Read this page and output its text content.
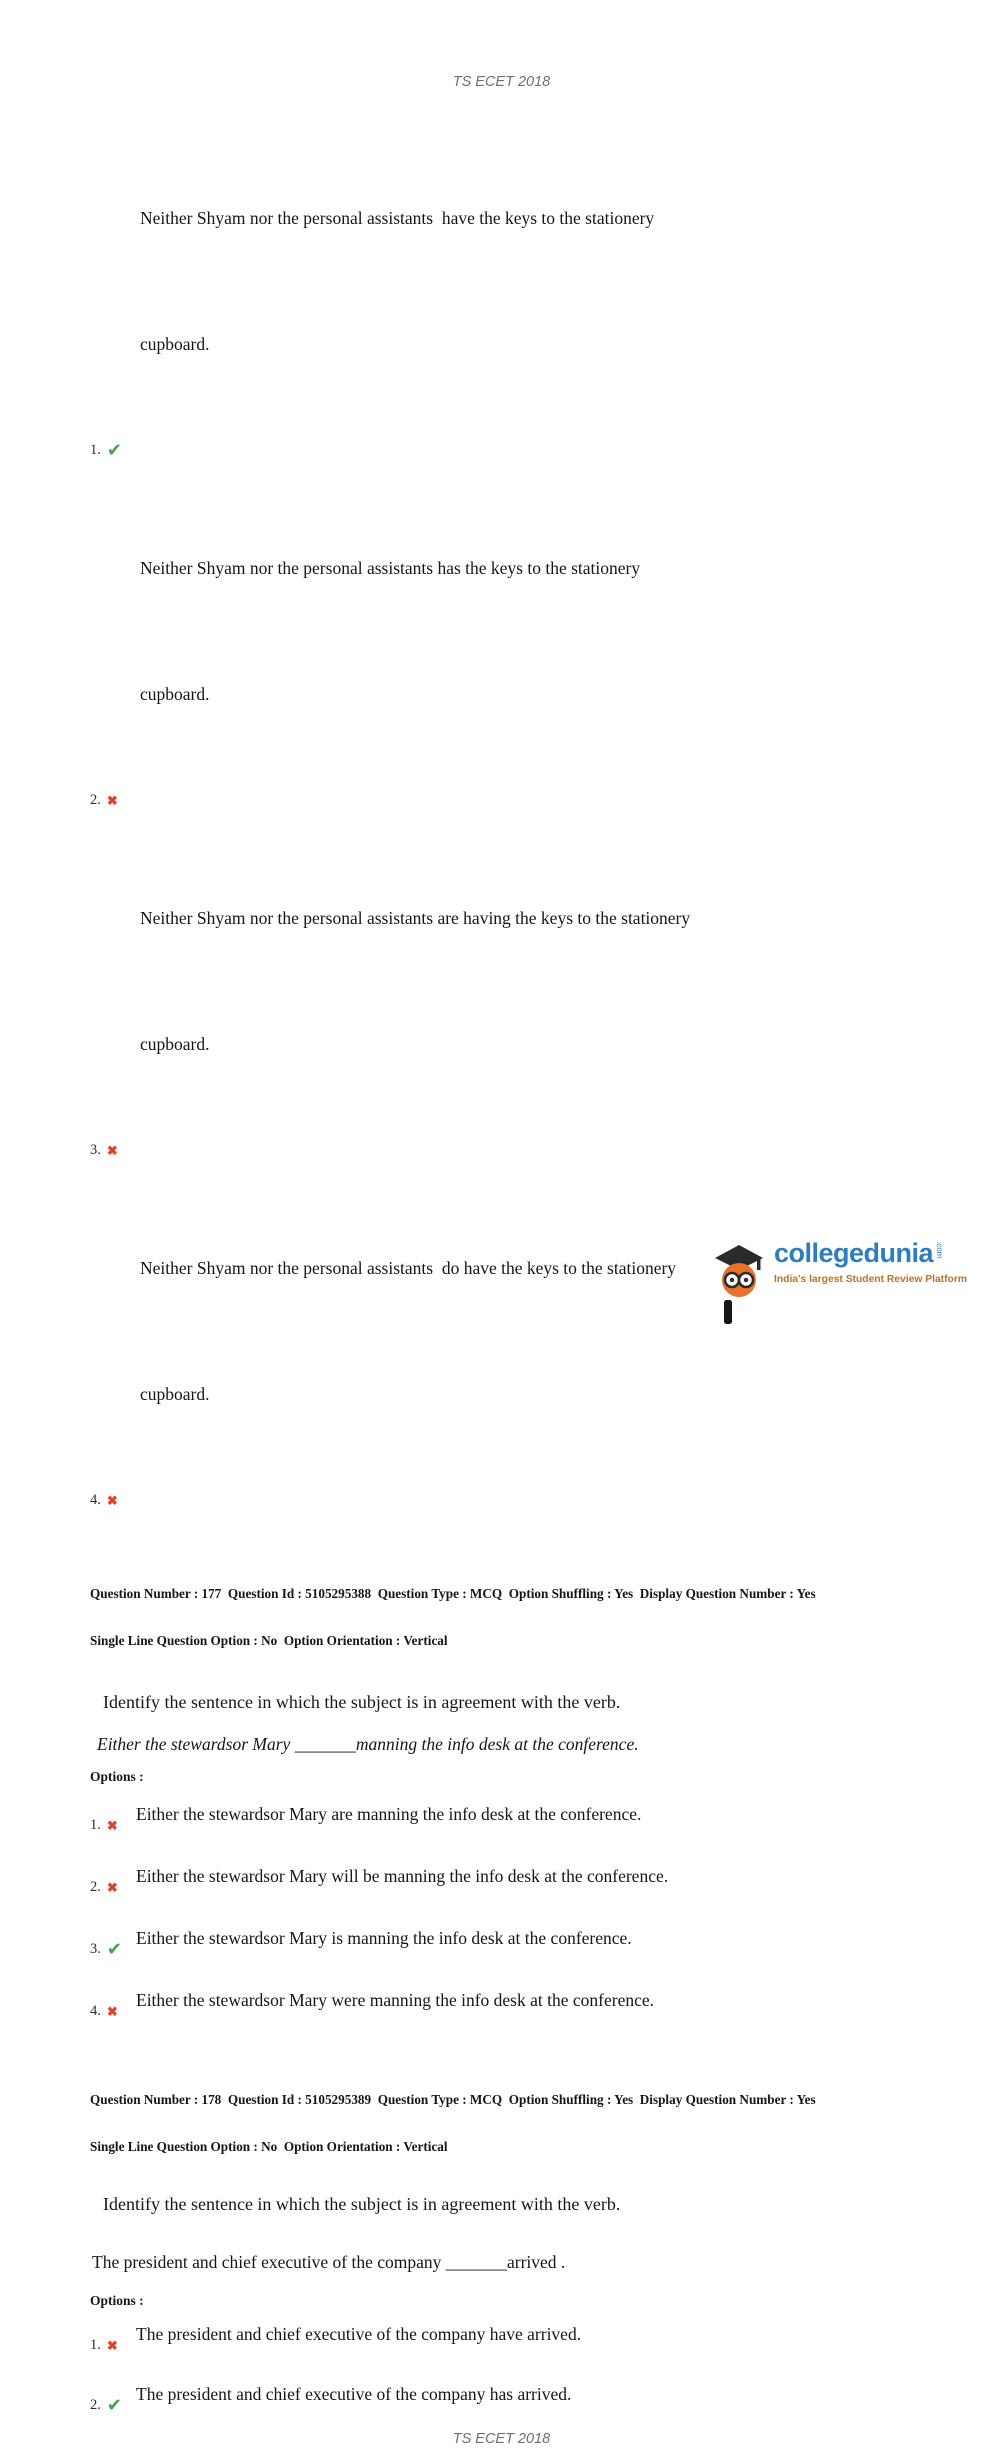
TS ECET 2018
1. ✔

Neither Shyam nor the personal assistants  have the keys to the stationery

cupboard.

2. ✖

Neither Shyam nor the personal assistants has the keys to the stationery

cupboard.

3. ✖

Neither Shyam nor the personal assistants are having the keys to the stationery

cupboard.

4. ✖

Neither Shyam nor the personal assistants  do have the keys to the stationery

cupboard.

Question Number : 177  Question Id : 5105295388  Question Type : MCQ  Option Shuffling : Yes  Display Question Number : Yes

Single Line Question Option : No  Option Orientation : Vertical

Identify the sentence in which the subject is in agreement with the verb.
Either the stewardsor Mary _______manning the info desk at the conference.
Options :
1. ✖
Either the stewardsor Mary are manning the info desk at the conference.
2. ✖
Either the stewardsor Mary will be manning the info desk at the conference.
3. ✔
Either the stewardsor Mary is manning the info desk at the conference.
4. ✖
Either the stewardsor Mary were manning the info desk at the conference.

Question Number : 178  Question Id : 5105295389  Question Type : MCQ  Option Shuffling : Yes  Display Question Number : Yes

Single Line Question Option : No  Option Orientation : Vertical

Identify the sentence in which the subject is in agreement with the verb.
The president and chief executive of the company _______arrived .
Options :
1. ✖
The president and chief executive of the company have arrived.
2. ✔
The president and chief executive of the company has arrived.
TS ECET 2018
collegedunia .com
India's largest Student Review Platform
